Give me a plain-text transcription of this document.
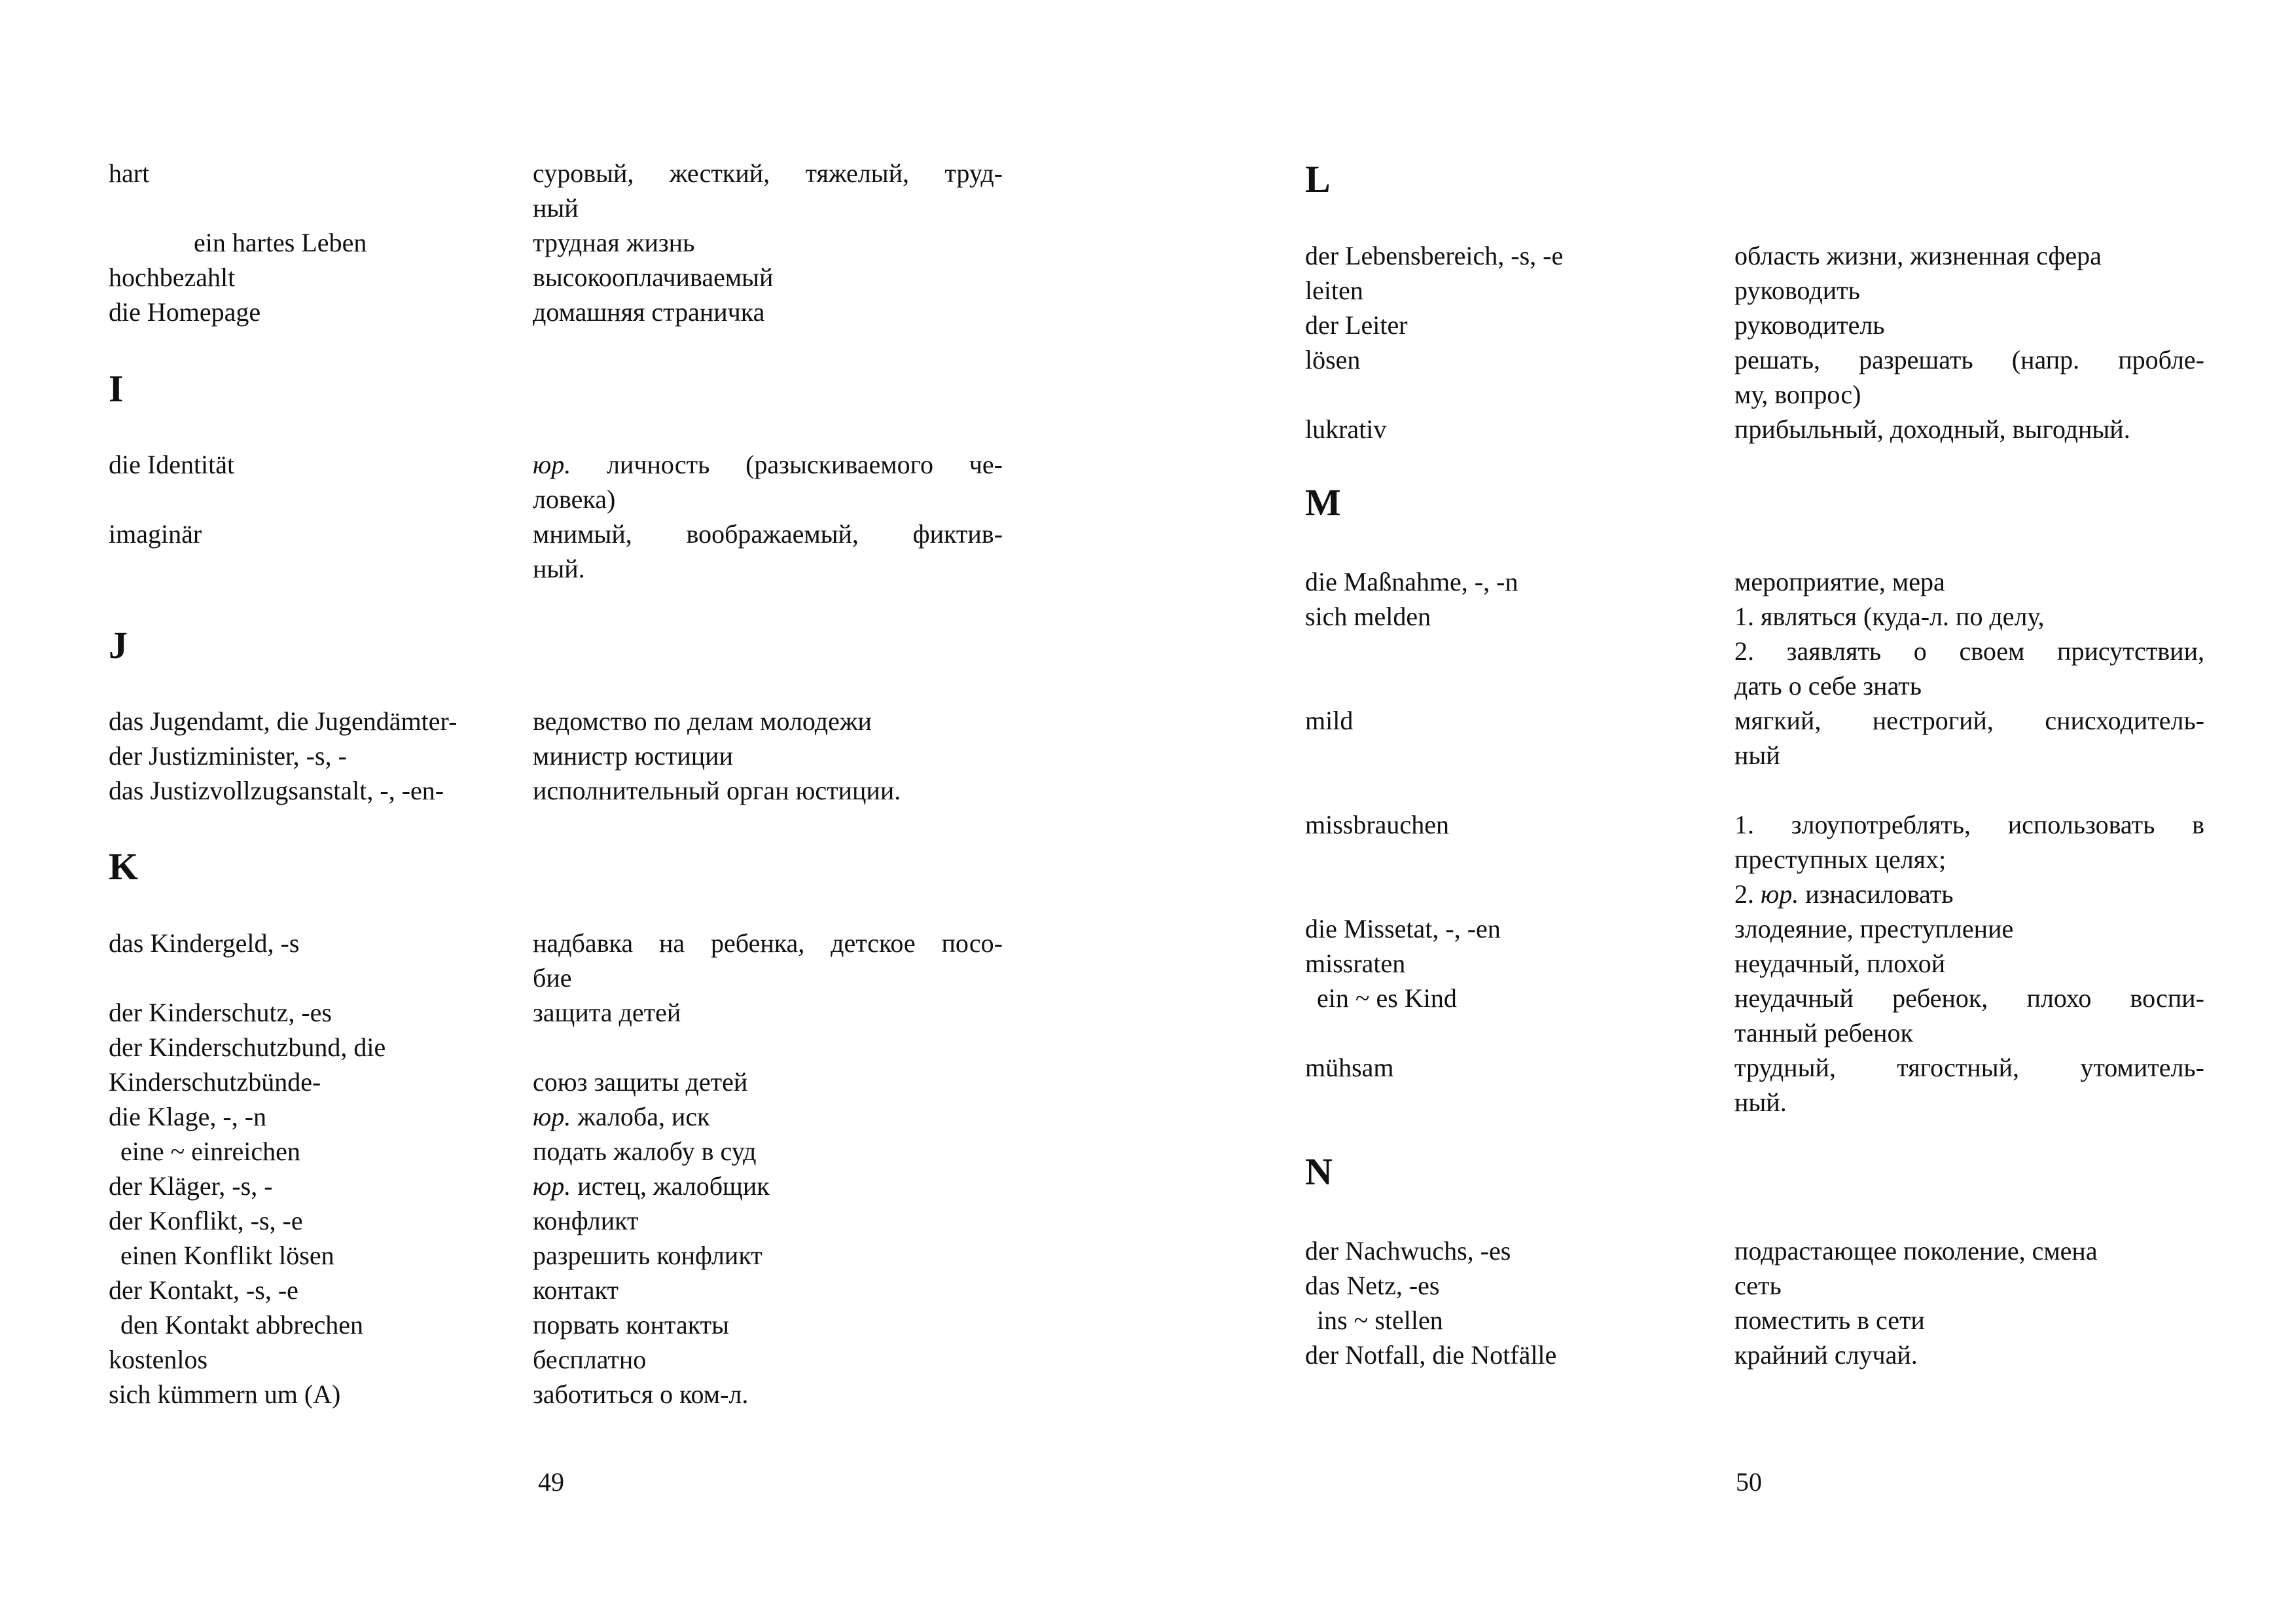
hart
ein hartes Leben
hochbezahlt
die Homepage
die Identität
imaginär
das Jugendamt, die Jugendämter-
der Justizminister, -s, -
das Justizvollzugsanstalt, -, -en-
das Kindergeld, -s
der Kinderschutz, -es
der Kinderschutzbund, die
Kinderschutzbünde-
die Klage, -, -n
eine ~ einreichen
der Kläger, -s, -
der Konflikt, -s, -e
einen Konflikt lösen
der Kontakt, -s, -e
den Kontakt abbrechen
kostenlos
sich kümmern um (A)
I
J
K
суровый, жесткий, тяжелый, труд-
ный
трудная жизнь
высокооплачиваемый
домашняя страничка
юр. личность (разыскиваемого че-
ловека)
мнимый, воображаемый, фиктив-
ный.
ведомство по делам молодежи
министр юстиции
исполнительный орган юстиции.
надбавка на ребенка, детское посо-
бие
защита детей
союз защиты детей
юр. жалоба, иск
подать жалобу в суд
юр. истец, жалобщик
конфликт
разрешить конфликт
контакт
порвать контакты
бесплатно
заботиться о ком-л.
49
L
M
N
der Lebensbereich, -s, -e
leiten
der Leiter
lösen
lukrativ
die Maßnahme, -, -n
sich melden
mild
missbrauchen
die Missetat, -, -en
missraten
ein ~ es Kind
mühsam
der Nachwuchs, -es
das Netz, -es
ins ~ stellen
der Notfall, die Notfälle
область жизни, жизненная сфера
руководить
руководитель
решать, разрешать (напр. пробле-
му, вопрос)
прибыльный, доходный, выгодный.
мероприятие, мера
1. являться (куда-л. по делу,
2. заявлять о своем присутствии,
дать о себе знать
мягкий, нестрогий, снисходитель-
ный
1. злоупотреблять, использовать в
преступных целях;
2. юр. изнасиловать
злодеяние, преступление
неудачный, плохой
неудачный ребенок, плохо воспи-
танный ребенок
трудный, тягостный, утомитель-
ный.
подрастающее поколение, смена
сеть
поместить в сети
крайний случай.
50
